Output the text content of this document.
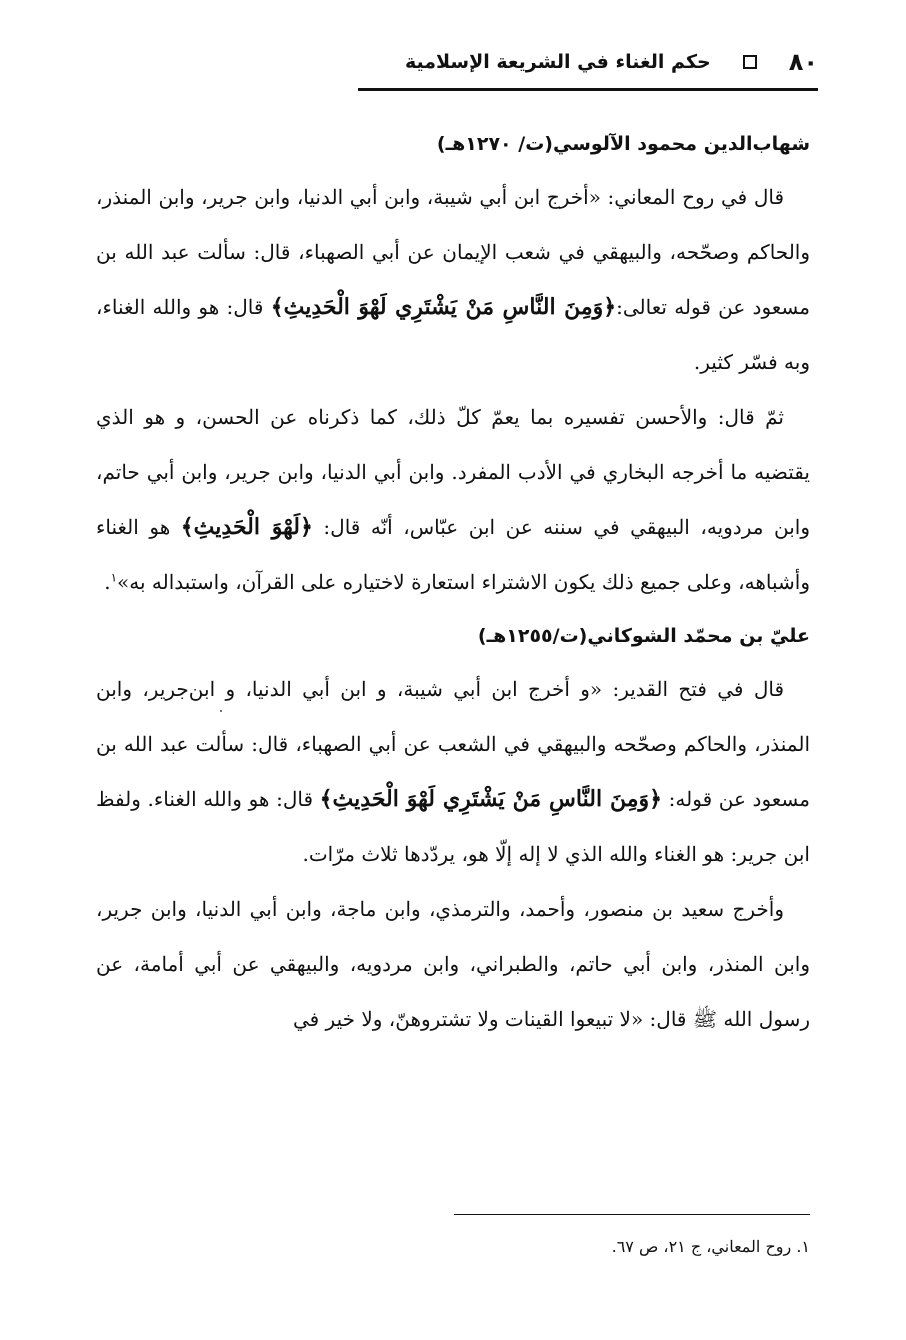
٨٠
حكم الغناء في الشريعة الإسلامية

شهاب‌الدين محمود الآلوسي(ت/ ١٢٧٠هـ)

قال في روح المعاني: «أخرج ابن أبي شيبة، وابن أبي الدنيا، وابن جرير، وابن المنذر، والحاكم وصحّحه، والبيهقي في شعب الإيمان عن أبي الصهباء، قال: سألت عبد الله بن مسعود عن قوله تعالى:﴿وَمِنَ النَّاسِ مَنْ يَشْتَرِي لَهْوَ الْحَدِيثِ﴾ قال: هو والله الغناء، وبه فسّر كثير.

ثمّ قال: والأحسن تفسيره بما يعمّ كلّ ذلك، كما ذكرناه عن الحسن، و هو الذي يقتضيه ما أخرجه البخاري في الأدب المفرد. وابن أبي الدنيا، وابن جرير، وابن أبي حاتم، وابن مردويه، البيهقي في سننه عن ابن عبّاس، أنّه قال: ﴿لَهْوَ الْحَدِيثِ﴾ هو الغناء وأشباهه، وعلى جميع ذلك يكون الاشتراء استعارة لاختياره على القرآن، واستبداله به»$^١$.

عليّ بن محمّد الشوكاني(ت/١٢٥٥هـ)

قال في فتح القدير: «و أخرج ابن أبي شيبة، و ابن أبي الدنيا، و ابن‌جرير، وابن المنذر، والحاكم وصحّحه والبيهقي في الشعب عن أبي الصهباء، قال: سألت عبد الله بن مسعود عن قوله: ﴿وَمِنَ النَّاسِ مَنْ يَشْتَرِي لَهْوَ الْحَدِيثِ﴾ قال: هو والله الغناء. ولفظ ابن جرير: هو الغناء والله الذي لا إله إلّا هو، يردّدها ثلاث مرّات.

وأخرج سعيد بن منصور، وأحمد، والترمذي، وابن ماجة، وابن أبي الدنيا، وابن جرير، وابن المنذر، وابن أبي حاتم، والطبراني، وابن مردويه، والبيهقي عن أبي أمامة، عن رسول الله ﷺ قال: «لا تبيعوا القينات ولا تشتروهنّ، ولا خير في

١. روح المعاني، ج ٢١، ص ٦٧.
